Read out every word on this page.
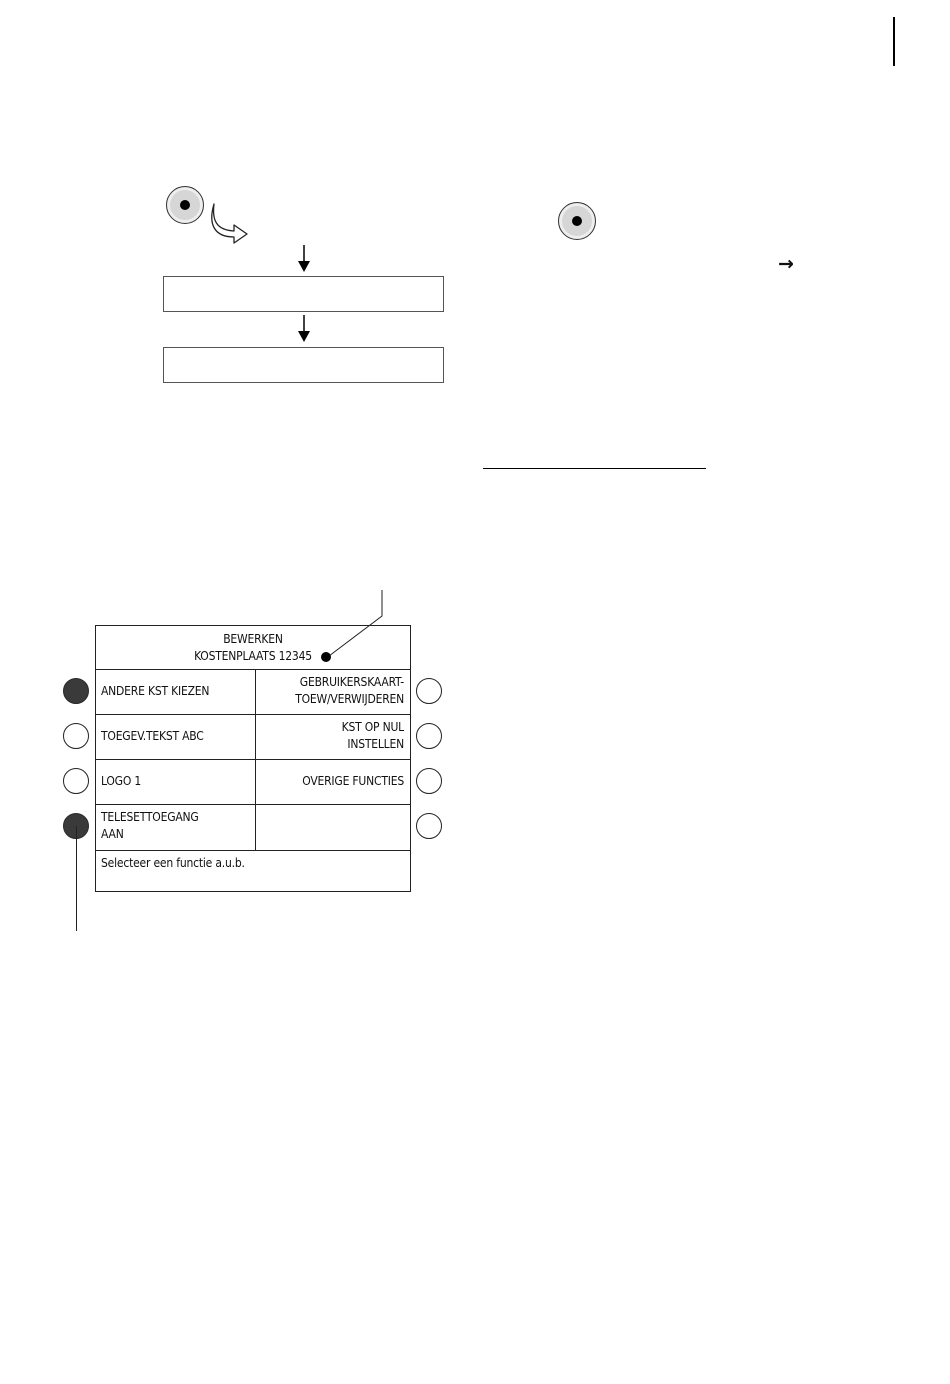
→
BEWERKEN
KOSTENPLAATS 12345
ANDERE KST KIEZEN
GEBRUIKERSKAART-
TOEW/VERWIJDEREN
TOEGEV.TEKST ABC
KST OP NUL
INSTELLEN
LOGO 1	OVERIGE FUNCTIES
TELESETTOEGANG
AAN
Selecteer een functie a.u.b.
